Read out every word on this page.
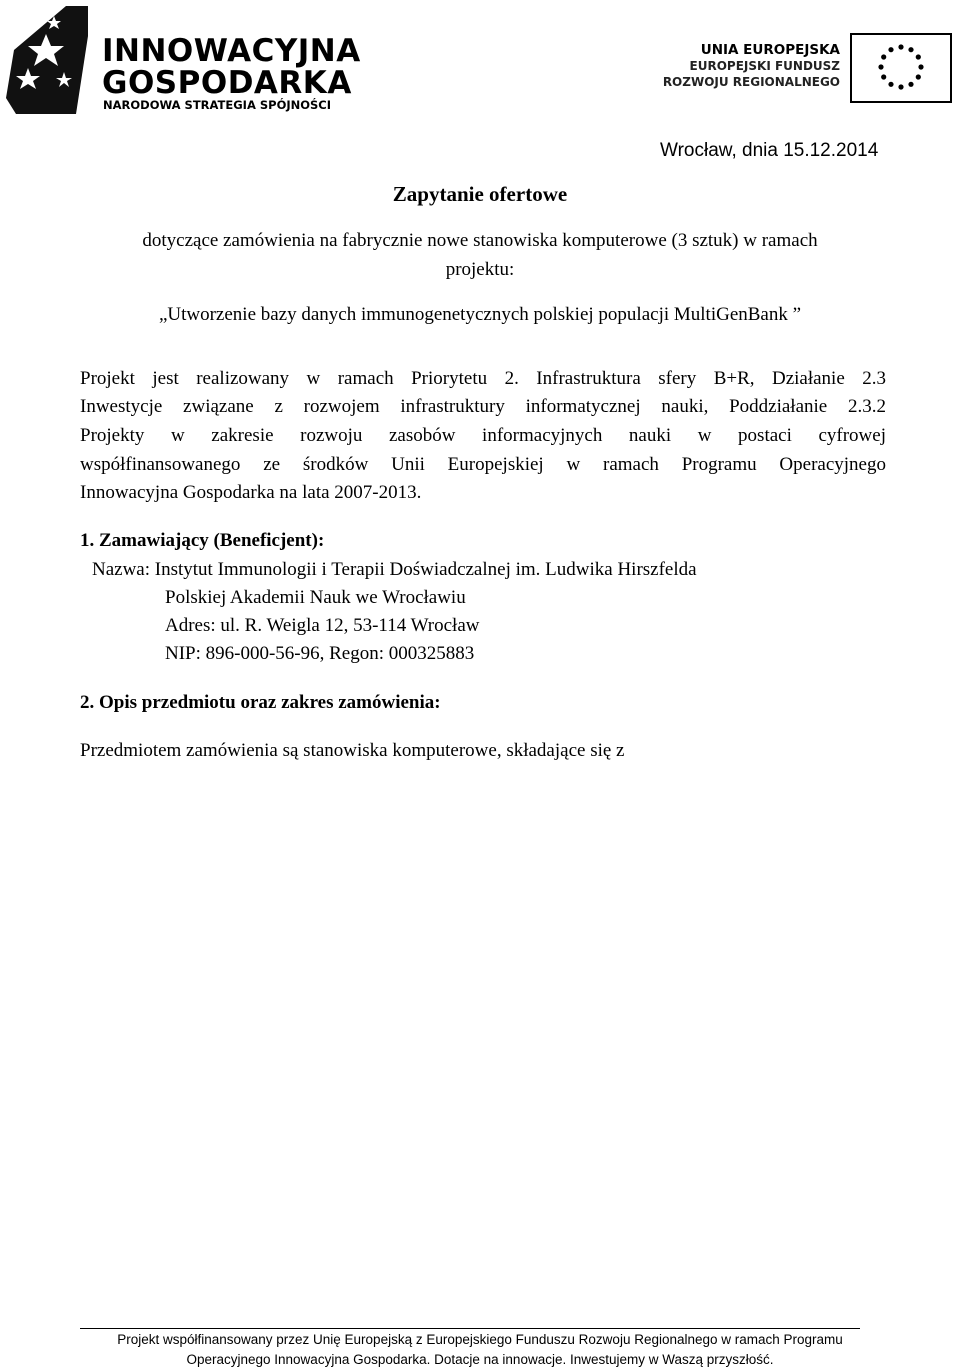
INNOWACYJNA
GOSPODARKA
NARODOWA STRATEGIA SPÓJNOŚCI
UNIA EUROPEJSKA
EUROPEJSKI FUNDUSZ
ROZWOJU REGIONALNEGO
Wrocław, dnia 15.12.2014
Zapytanie ofertowe
dotyczące zamówienia na fabrycznie nowe stanowiska komputerowe (3 sztuk) w ramach
projektu:
„Utworzenie bazy danych immunogenetycznych polskiej populacji MultiGenBank ”
Projekt jest realizowany w ramach Priorytetu 2. Infrastruktura sfery B+R, Działanie 2.3
Inwestycje związane z rozwojem infrastruktury informatycznej nauki, Poddziałanie 2.3.2
Projekty w zakresie rozwoju zasobów informacyjnych nauki w postaci cyfrowej
współfinansowanego ze środków Unii Europejskiej w ramach Programu Operacyjnego
Innowacyjna Gospodarka na lata 2007-2013.
1. Zamawiający (Beneficjent):
Nazwa: Instytut Immunologii i Terapii Doświadczalnej im. Ludwika Hirszfelda
Polskiej Akademii Nauk we Wrocławiu
Adres: ul. R. Weigla 12, 53-114 Wrocław
NIP: 896-000-56-96, Regon: 000325883
2. Opis przedmiotu oraz zakres zamówienia:
Przedmiotem zamówienia są stanowiska komputerowe, składające się z
Projekt współfinansowany przez Unię Europejską z Europejskiego Funduszu Rozwoju Regionalnego w ramach Programu
Operacyjnego Innowacyjna Gospodarka. Dotacje na innowacje. Inwestujemy w Waszą przyszłość.
